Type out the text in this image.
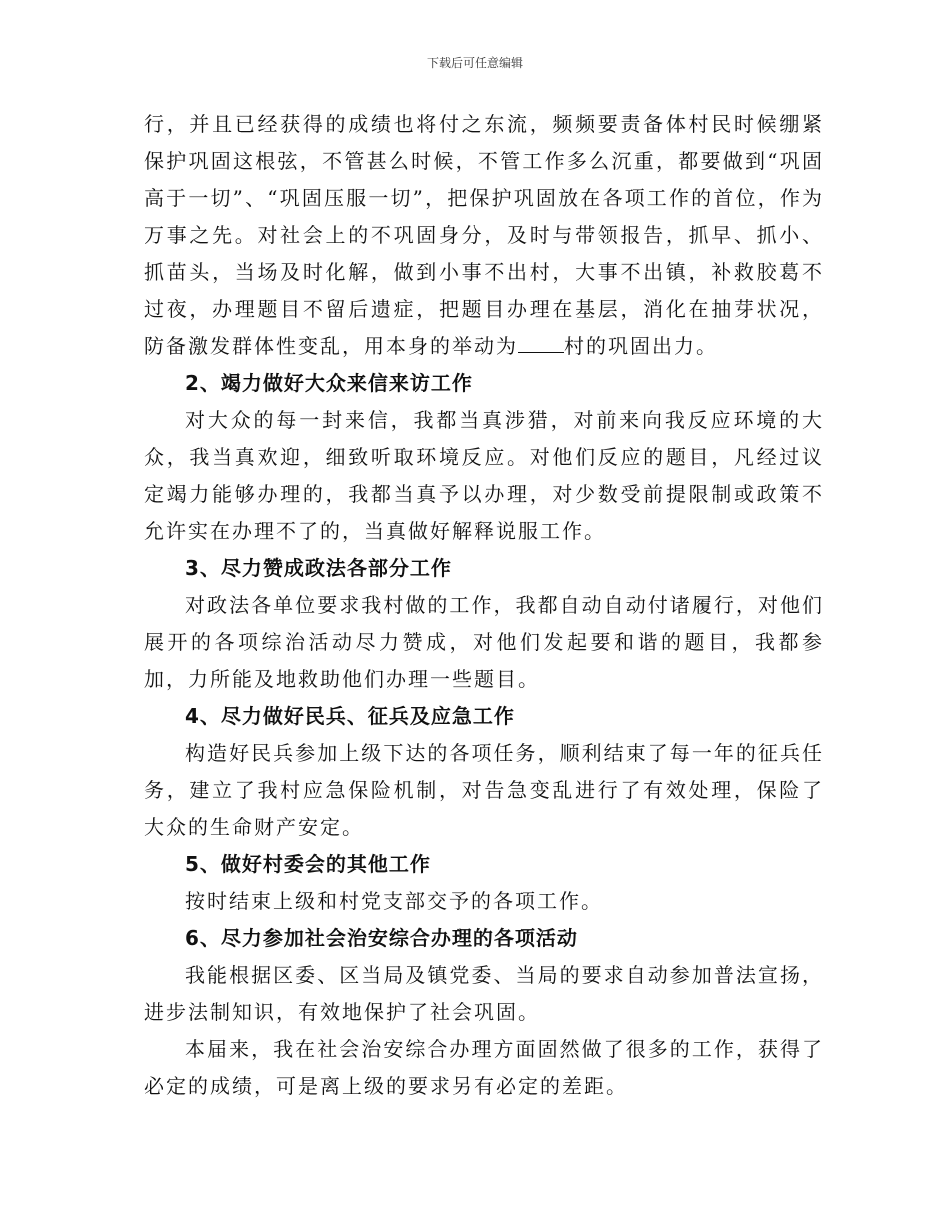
下载后可任意编辑

行，并且已经获得的成绩也将付之东流，频频要责备体村民时候绷紧保护巩固这根弦，不管甚么时候，不管工作多么沉重，都要做到“巩固高于一切”、“巩固压服一切”，把保护巩固放在各项工作的首位，作为万事之先。对社会上的不巩固身分，及时与带领报告，抓早、抓小、抓苗头，当场及时化解，做到小事不出村，大事不出镇，补救胶葛不过夜，办理题目不留后遗症，把题目办理在基层，消化在抽芽状况，防备激发群体性变乱，用本身的举动为 村的巩固出力。

2、竭力做好大众来信来访工作

对大众的每一封来信，我都当真涉猎，对前来向我反应环境的大众，我当真欢迎，细致听取环境反应。对他们反应的题目，凡经过议定竭力能够办理的，我都当真予以办理，对少数受前提限制或政策不允许实在办理不了的，当真做好解释说服工作。

3、尽力赞成政法各部分工作

对政法各单位要求我村做的工作，我都自动自动付诸履行，对他们展开的各项综治活动尽力赞成，对他们发起要和谐的题目，我都参加，力所能及地救助他们办理一些题目。

4、尽力做好民兵、征兵及应急工作

构造好民兵参加上级下达的各项任务，顺利结束了每一年的征兵任务，建立了我村应急保险机制，对告急变乱进行了有效处理，保险了大众的生命财产安定。

5、做好村委会的其他工作

按时结束上级和村党支部交予的各项工作。

6、尽力参加社会治安综合办理的各项活动

我能根据区委、区当局及镇党委、当局的要求自动参加普法宣扬，进步法制知识，有效地保护了社会巩固。

本届来，我在社会治安综合办理方面固然做了很多的工作，获得了必定的成绩，可是离上级的要求另有必定的差距。
